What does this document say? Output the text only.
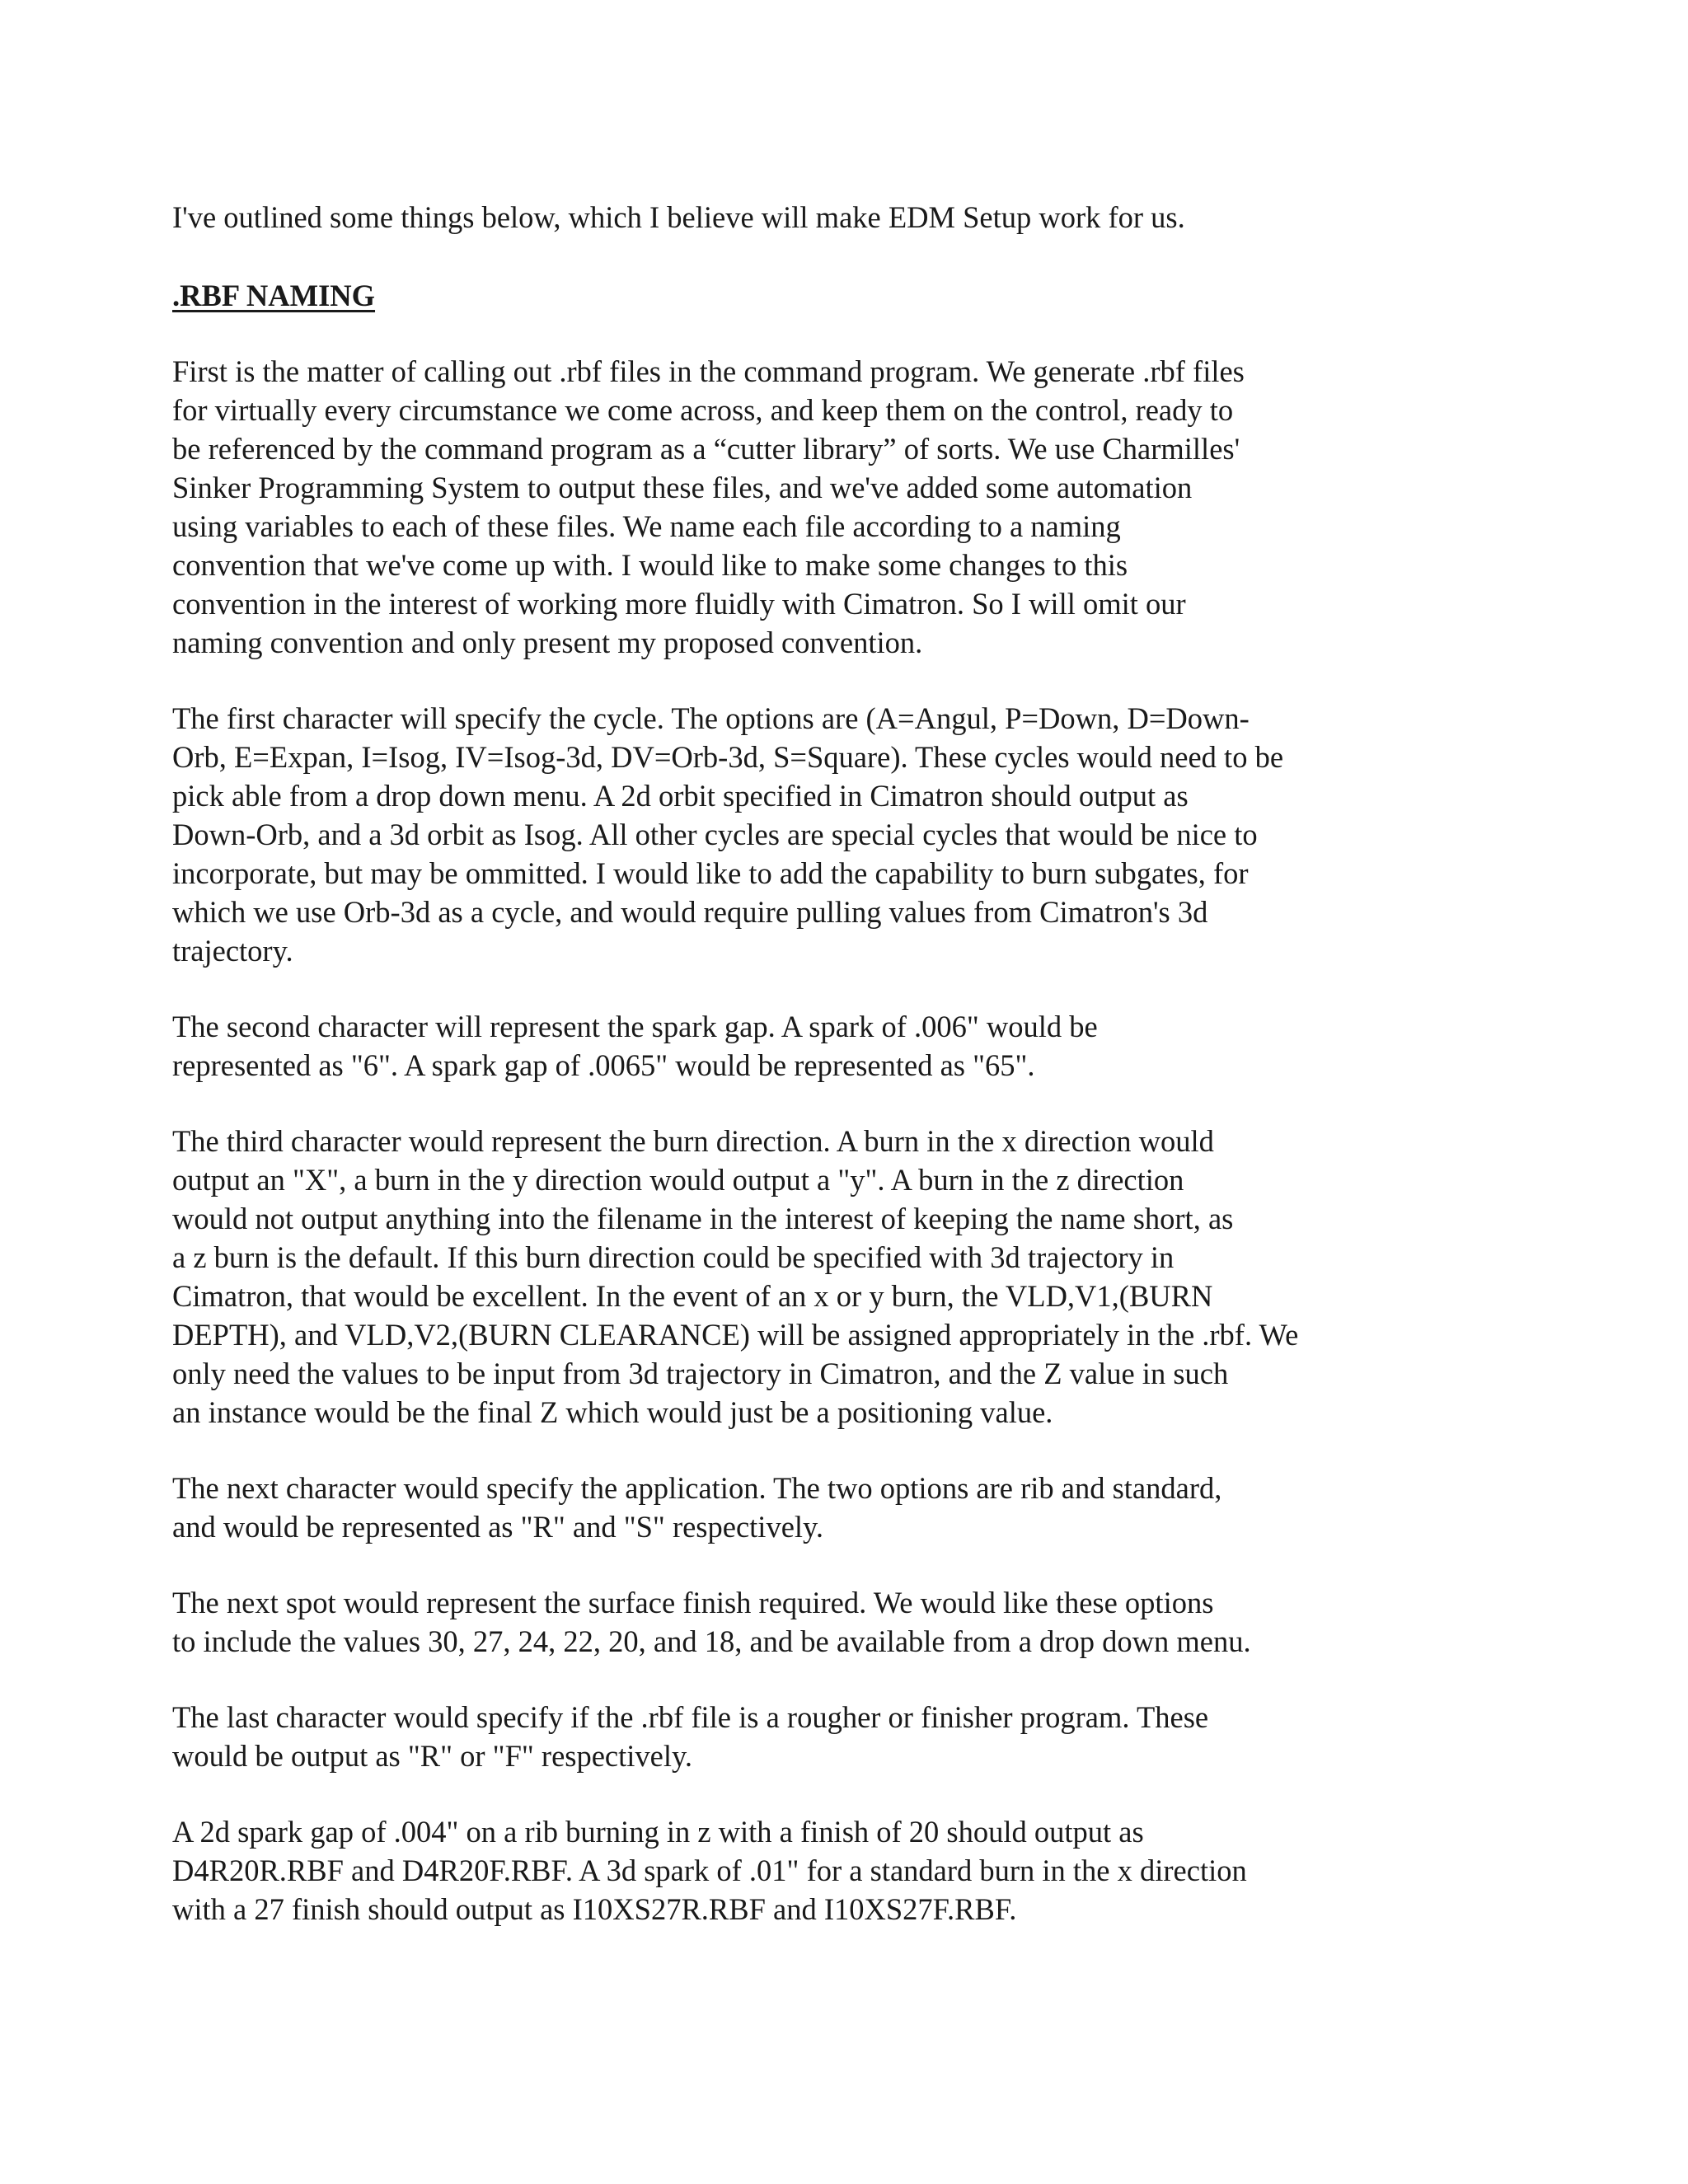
I've outlined some things below, which I believe will make EDM Setup work for us.

.RBF NAMING

First is the matter of calling out .rbf files in the command program. We generate .rbf files
for virtually every circumstance we come across, and keep them on the control, ready to
be referenced by the command program as a “cutter library” of sorts. We use Charmilles'
Sinker Programming System to output these files, and we've added some automation
using variables to each of these files. We name each file according to a naming
convention that we've come up with. I would like to make some changes to this
convention in the interest of working more fluidly with Cimatron. So I will omit our
naming convention and only present my proposed convention.

The first character will specify the cycle. The options are (A=Angul, P=Down, D=Down-
Orb, E=Expan, I=Isog, IV=Isog-3d, DV=Orb-3d, S=Square). These cycles would need to be
pick able from a drop down menu. A 2d orbit specified in Cimatron should output as
Down-Orb, and a 3d orbit as Isog. All other cycles are special cycles that would be nice to
incorporate, but may be ommitted. I would like to add the capability to burn subgates, for
which we use Orb-3d as a cycle, and would require pulling values from Cimatron's 3d
trajectory.

The second character will represent the spark gap. A spark of .006" would be
represented as "6". A spark gap of .0065" would be represented as "65".

The third character would represent the burn direction. A burn in the x direction would
output an "X", a burn in the y direction would output a "y". A burn in the z direction
would not output anything into the filename in the interest of keeping the name short, as
a z burn is the default. If this burn direction could be specified with 3d trajectory in
Cimatron, that would be excellent. In the event of an x or y burn, the VLD,V1,(BURN
DEPTH), and VLD,V2,(BURN CLEARANCE) will be assigned appropriately in the .rbf. We
only need the values to be input from 3d trajectory in Cimatron, and the Z value in such
an instance would be the final Z which would just be a positioning value.

The next character would specify the application. The two options are rib and standard,
and would be represented as "R" and "S" respectively.

The next spot would represent the surface finish required. We would like these options
to include the values 30, 27, 24, 22, 20, and 18, and be available from a drop down menu.

The last character would specify if the .rbf file is a rougher or finisher program. These
would be output as "R" or "F" respectively.

A 2d spark gap of .004" on a rib burning in z with a finish of 20 should output as
D4R20R.RBF and D4R20F.RBF. A 3d spark of .01" for a standard burn in the x direction
with a 27 finish should output as I10XS27R.RBF and I10XS27F.RBF.
